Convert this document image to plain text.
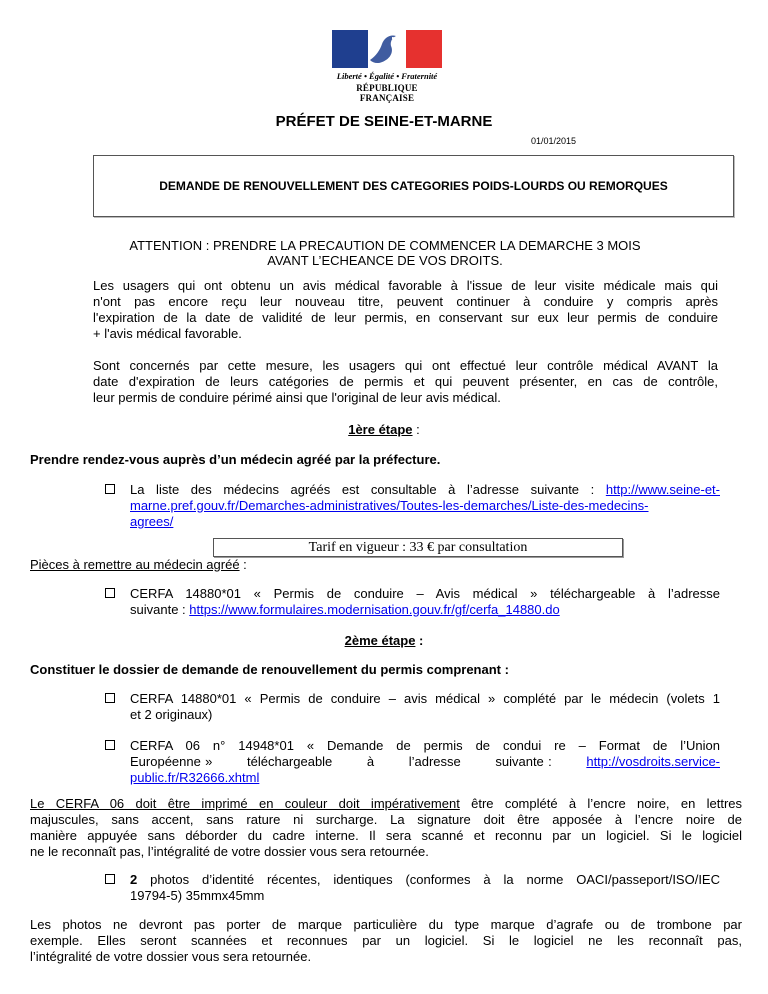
Liberté • Égalité • Fraternité
RÉPUBLIQUE FRANÇAISE
PRÉFET DE SEINE-ET-MARNE
01/01/2015
DEMANDE DE RENOUVELLEMENT DES CATEGORIES POIDS-LOURDS OU REMORQUES
ATTENTION : PRENDRE LA PRECAUTION DE COMMENCER LA DEMARCHE 3 MOIS
AVANT L’ECHEANCE DE VOS DROITS.
Les usagers qui ont obtenu un avis médical favorable à l'issue de leur visite médicale mais qui
n'ont pas encore reçu leur nouveau titre, peuvent continuer à conduire y compris après
l'expiration de la date de validité de leur permis, en conservant sur eux leur permis de conduire
+ l'avis médical favorable.
Sont concernés par cette mesure, les usagers qui ont effectué leur contrôle médical AVANT la
date d'expiration de leurs catégories de permis et qui peuvent présenter, en cas de contrôle,
leur permis de conduire périmé ainsi que l'original de leur avis médical.
1ère étape :
Prendre rendez-vous auprès d’un médecin agréé par la préfecture.
La liste des médecins agréés est consultable à l’adresse suivante : http://www.seine-et-
marne.pref.gouv.fr/Demarches-administratives/Toutes-les-demarches/Liste-des-medecins-
agrees/
Tarif en vigueur : 33 € par consultation
Pièces à remettre au médecin agréé :
CERFA 14880*01 « Permis de conduire – Avis médical » téléchargeable à l’adresse
suivante : https://www.formulaires.modernisation.gouv.fr/gf/cerfa_14880.do
2ème étape :
Constituer le dossier de demande de renouvellement du permis comprenant :
CERFA 14880*01 « Permis de conduire – avis médical » complété par le médecin (volets 1
et 2 originaux)
CERFA 06 n° 14948*01 « Demande de permis de condui re – Format de l’Union
Européenne »        téléchargeable        à        l’adresse        suivante :	http://vosdroits.service-
public.fr/R32666.xhtml
Le CERFA 06 doit être imprimé en couleur doit impérativement être complété à l’encre noire, en lettres
majuscules, sans accent, sans rature ni surcharge. La signature doit être apposée à l’encre noire de
manière appuyée sans déborder du cadre interne. Il sera scanné et reconnu par un logiciel. Si le logiciel
ne le reconnaît pas, l’intégralité de votre dossier vous sera retournée.
2 photos d’identité récentes, identiques (conformes à la norme OACI/passeport/ISO/IEC
19794-5) 35mmx45mm
Les photos ne devront pas porter de marque particulière du type marque d’agrafe ou de trombone par
exemple. Elles seront scannées et reconnues par un logiciel. Si le logiciel ne les reconnaît pas,
l’intégralité de votre dossier vous sera retournée.
